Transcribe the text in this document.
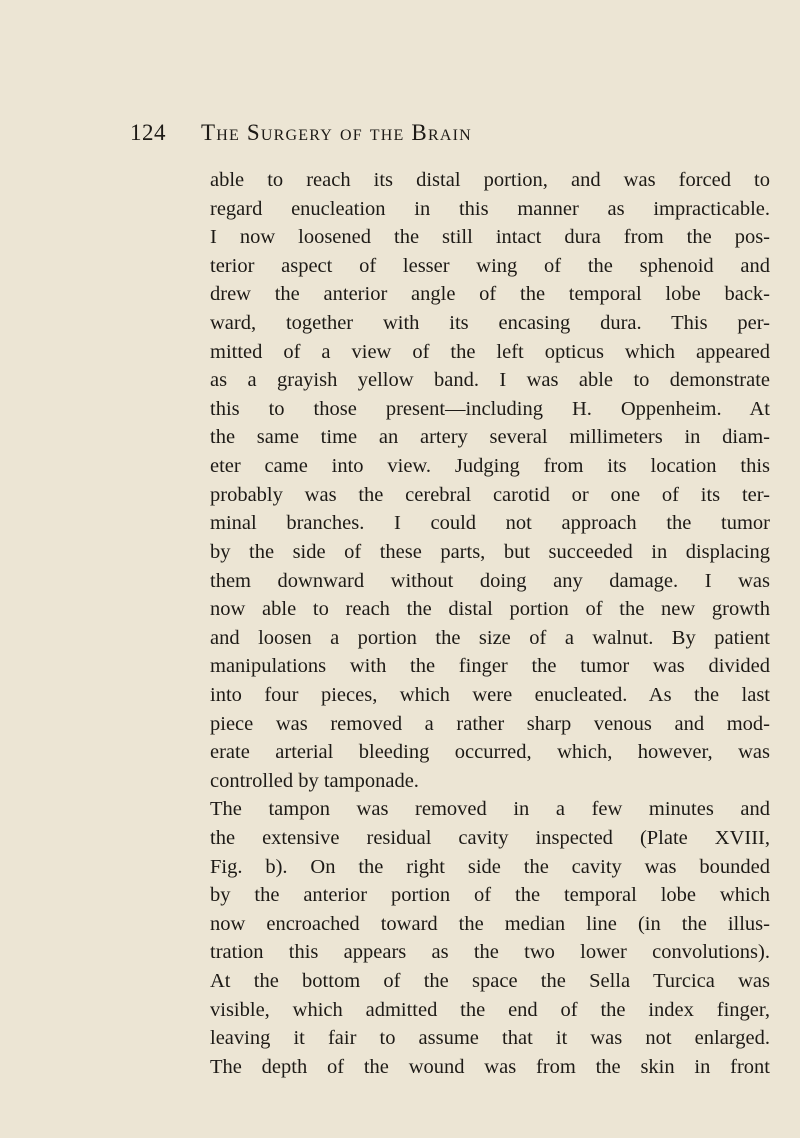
124 The Surgery of the Brain
able to reach its distal portion, and was forced to
regard enucleation in this manner as impracticable.
I now loosened the still intact dura from the pos-
terior aspect of lesser wing of the sphenoid and
drew the anterior angle of the temporal lobe back-
ward, together with its encasing dura. This per-
mitted of a view of the left opticus which appeared
as a grayish yellow band. I was able to demonstrate
this to those present—including H. Oppenheim. At
the same time an artery several millimeters in diam-
eter came into view. Judging from its location this
probably was the cerebral carotid or one of its ter-
minal branches. I could not approach the tumor
by the side of these parts, but succeeded in displacing
them downward without doing any damage. I was
now able to reach the distal portion of the new growth
and loosen a portion the size of a walnut. By patient
manipulations with the finger the tumor was divided
into four pieces, which were enucleated. As the last
piece was removed a rather sharp venous and mod-
erate arterial bleeding occurred, which, however, was
controlled by tamponade.
The tampon was removed in a few minutes and
the extensive residual cavity inspected (Plate XVIII,
Fig. b). On the right side the cavity was bounded
by the anterior portion of the temporal lobe which
now encroached toward the median line (in the illus-
tration this appears as the two lower convolutions).
At the bottom of the space the Sella Turcica was
visible, which admitted the end of the index finger,
leaving it fair to assume that it was not enlarged.
The depth of the wound was from the skin in front
